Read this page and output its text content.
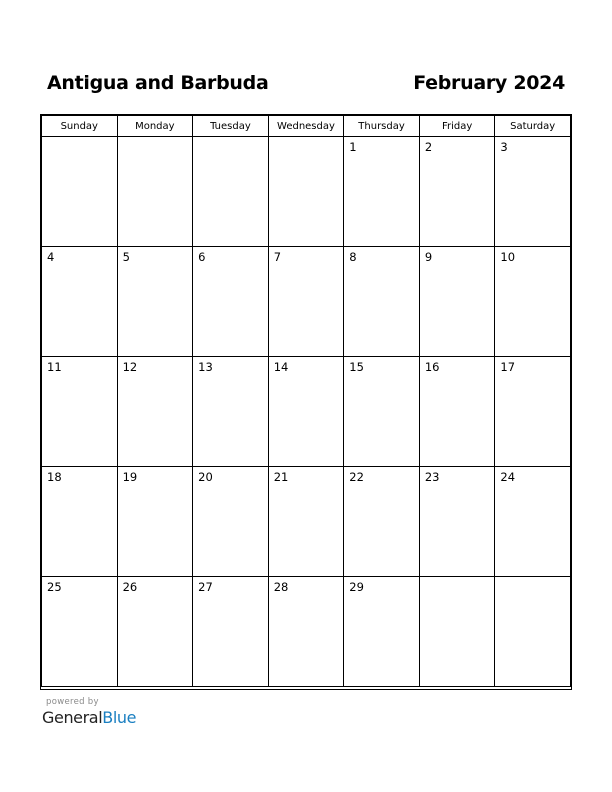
Antigua and Barbuda	February 2024
Sunday	Monday	Tuesday	Wednesday	Thursday	Friday	Saturday

				1	2	3

4	5	6	7	8	9	10

11	12	13	14	15	16	17

18	19	20	21	22	23	24

25	26	27	28	29		

powered by
GeneralBlue
